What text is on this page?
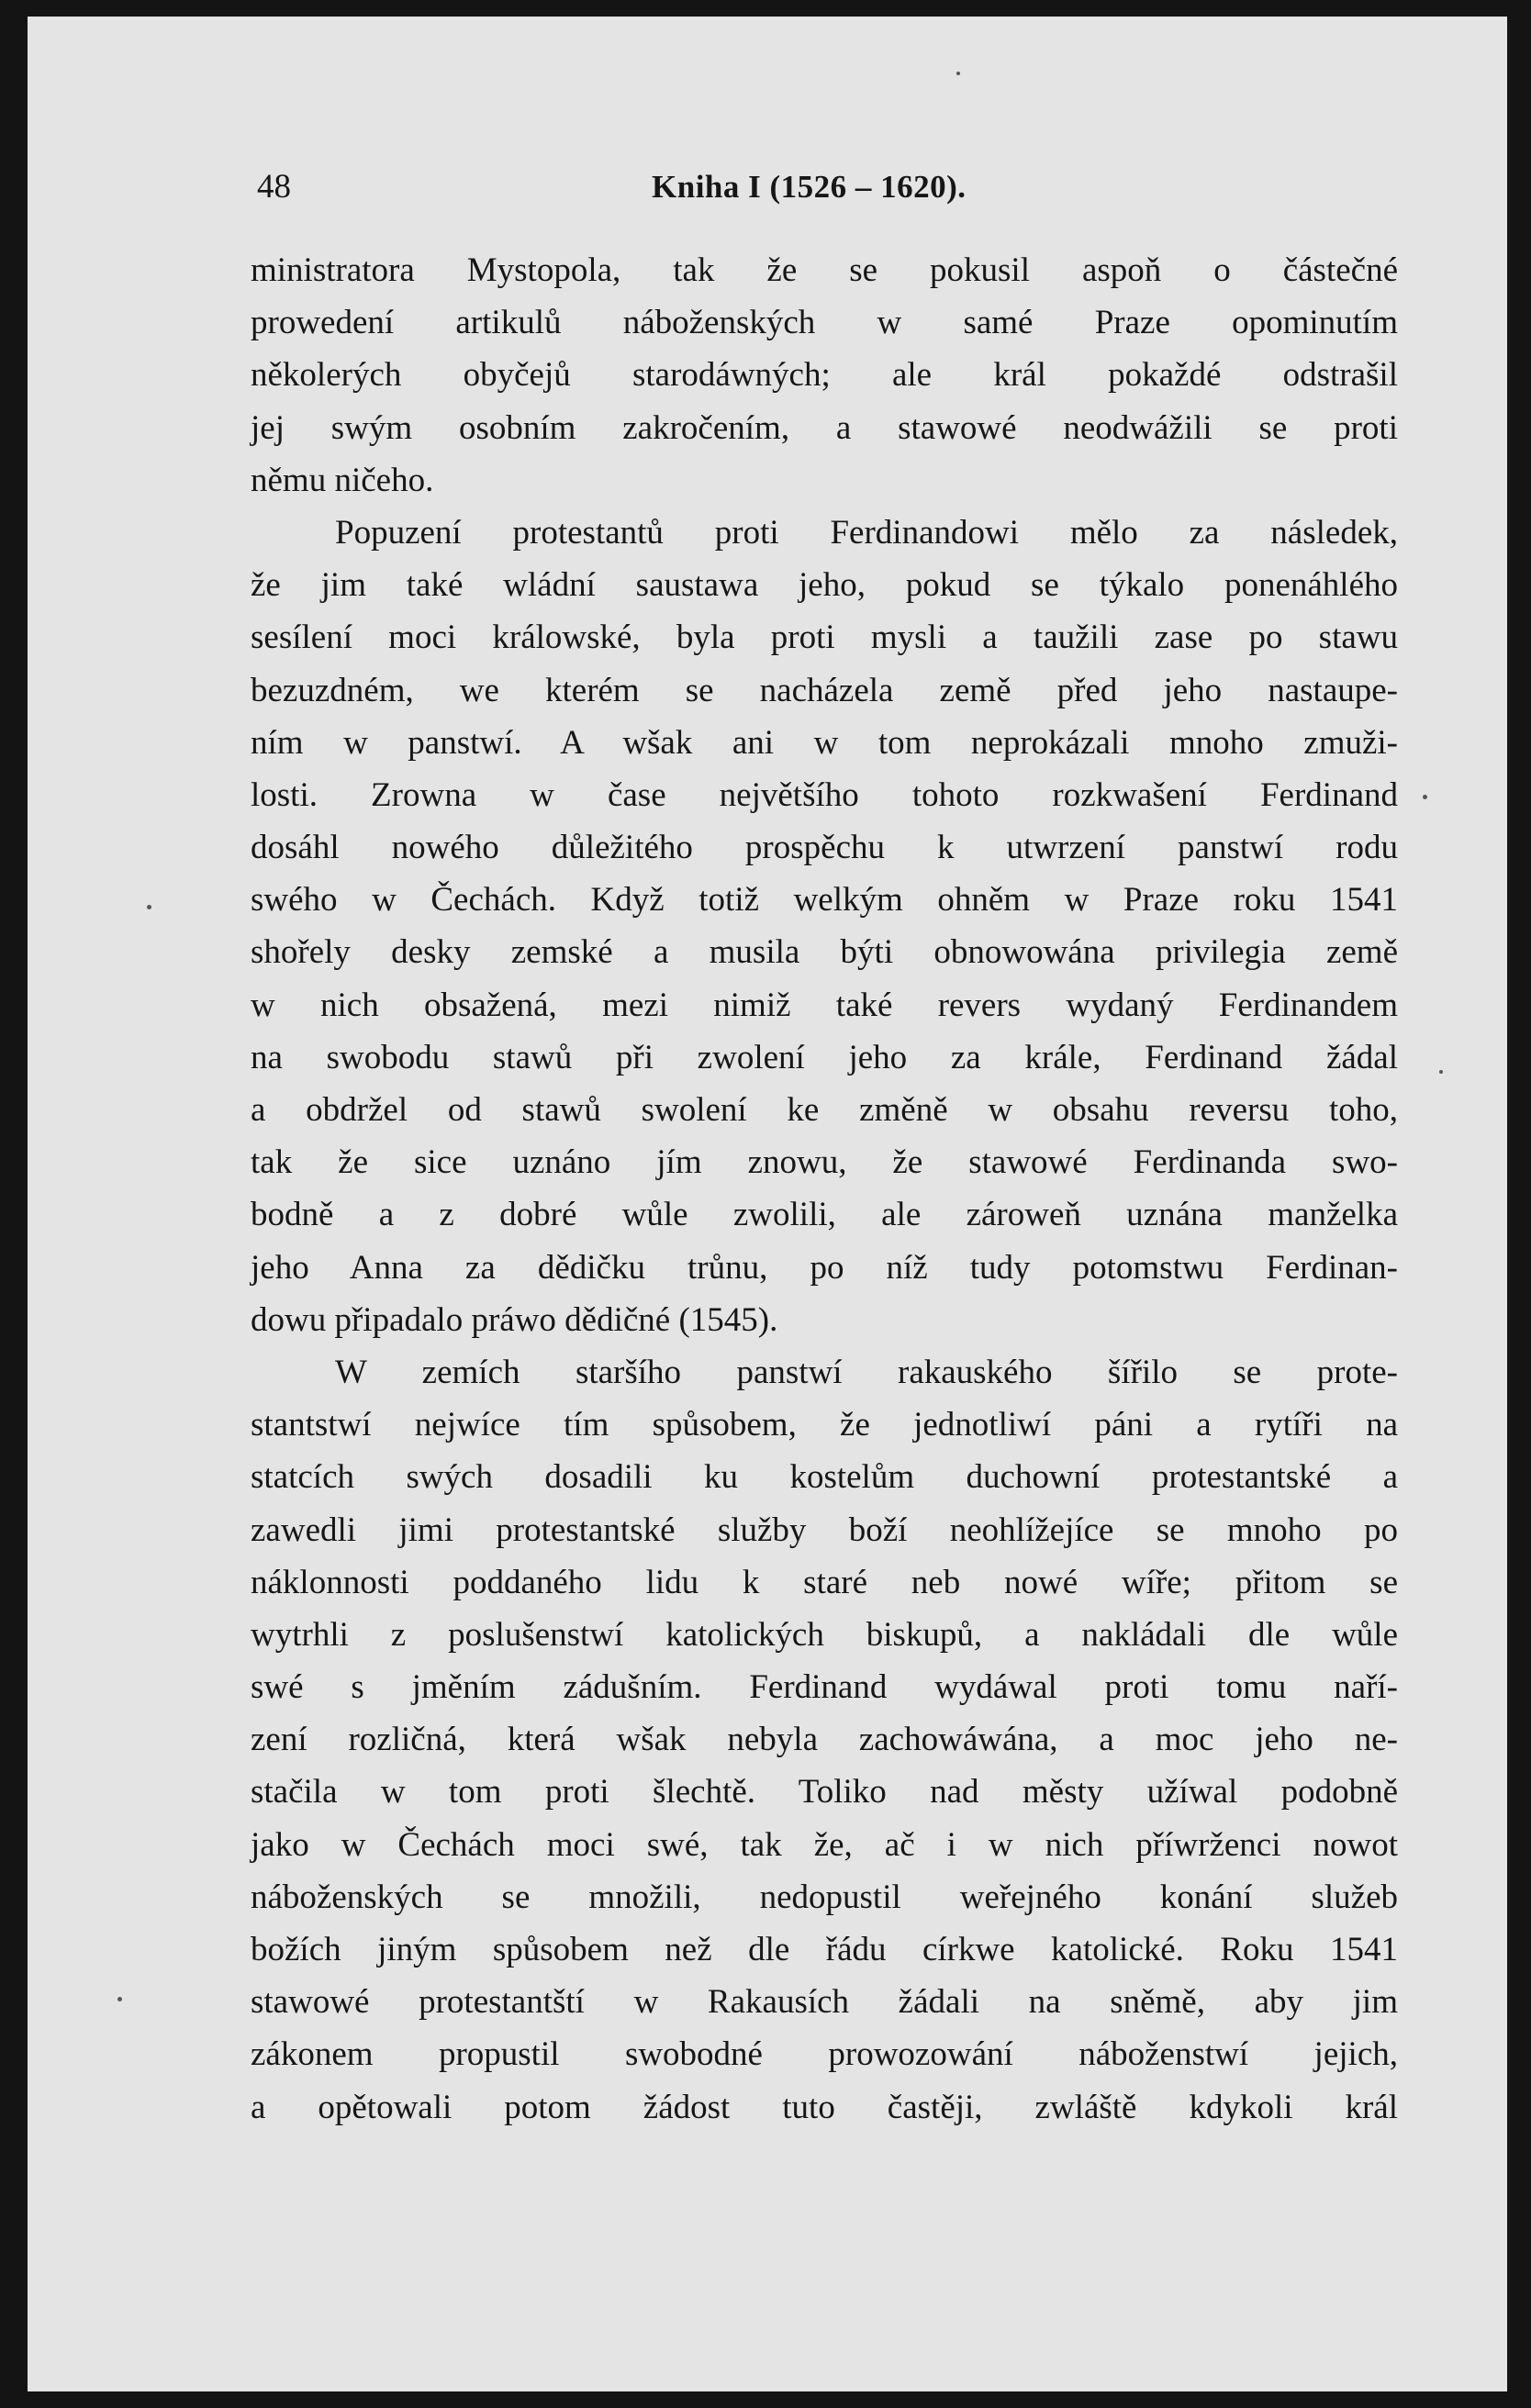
48	Kniha I (1526 – 1620).
ministratora Mystopola, tak že se pokusil aspoň o částečné
prowedení artikulů náboženských w samé Praze opominutím
několerých obyčejů starodáwných; ale král pokaždé odstrašil
jej swým osobním zakročením, a stawowé neodwážili se proti
němu ničeho.
Popuzení protestantů proti Ferdinandowi mělo za následek,
že jim také wládní saustawa jeho, pokud se týkalo ponenáhlého
sesílení moci králowské, byla proti mysli a taužili zase po stawu
bezuzdném, we kterém se nacházela země před jeho nastaupe-
ním w panstwí. A wšak ani w tom neprokázali mnoho zmuži-
losti. Zrowna w čase největšího tohoto rozkwašení Ferdinand
dosáhl nowého důležitého prospěchu k utwrzení panstwí rodu
swého w Čechách. Když totiž welkým ohněm w Praze roku 1541
shořely desky zemské a musila býti obnowowána privilegia země
w nich obsažená, mezi nimiž také revers wydaný Ferdinandem
na swobodu stawů při zwolení jeho za krále, Ferdinand žádal
a obdržel od stawů swolení ke změně w obsahu reversu toho,
tak že sice uznáno jím znowu, že stawowé Ferdinanda swo-
bodně a z dobré wůle zwolili, ale zároweň uznána manželka
jeho Anna za dědičku trůnu, po níž tudy potomstwu Ferdinan-
dowu připadalo práwo dědičné (1545).
W zemích staršího panstwí rakauského šířilo se prote-
stantstwí nejwíce tím spůsobem, že jednotliwí páni a rytíři na
statcích swých dosadili ku kostelům duchowní protestantské a
zawedli jimi protestantské služby boží neohlížejíce se mnoho po
náklonnosti poddaného lidu k staré neb nowé wíře; přitom se
wytrhli z poslušenstwí katolických biskupů, a nakládali dle wůle
swé s jměním zádušním. Ferdinand wydáwal proti tomu naří-
zení rozličná, která wšak nebyla zachowáwána, a moc jeho ne-
stačila w tom proti šlechtě. Toliko nad městy užíwal podobně
jako w Čechách moci swé, tak že, ač i w nich příwrženci nowot
náboženských se množili, nedopustil weřejného konání služeb
božích jiným spůsobem než dle řádu církwe katolické. Roku 1541
stawowé protestantští w Rakausích žádali na sněmě, aby jim
zákonem propustil swobodné prowozowání náboženstwí jejich,
a opětowali potom žádost tuto častěji, zwláště kdykoli král
